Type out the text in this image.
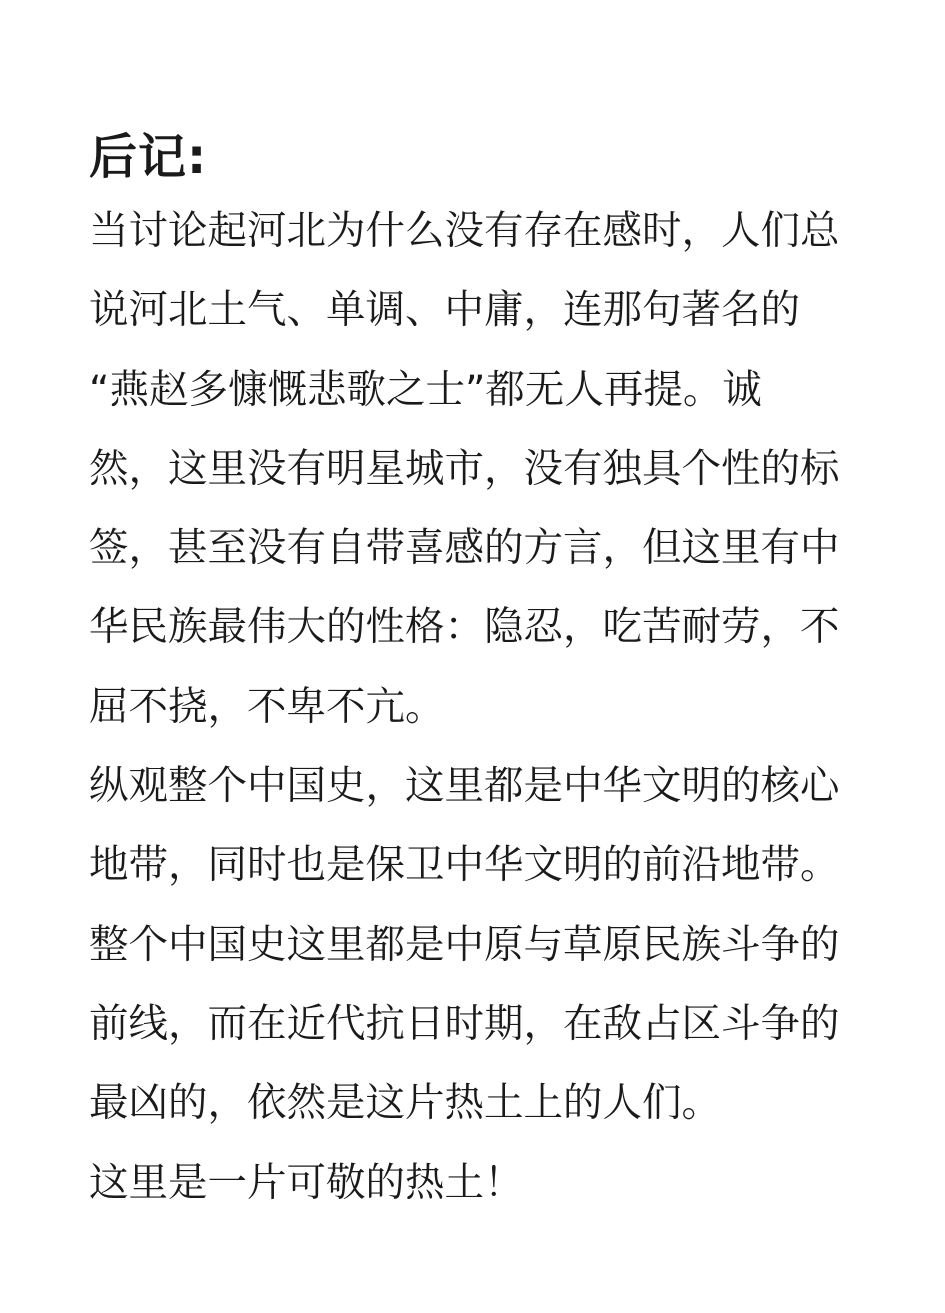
后记:
当讨论起河北为什么没有存在感时，人们总
说河北土气、单调、中庸，连那句著名的
“燕赵多慷慨悲歌之士”都无人再提。诚
然，这里没有明星城市，没有独具个性的标
签，甚至没有自带喜感的方言，但这里有中
华民族最伟大的性格：隐忍，吃苦耐劳，不
屈不挠，不卑不亢。
纵观整个中国史，这里都是中华文明的核心
地带，同时也是保卫中华文明的前沿地带。
整个中国史这里都是中原与草原民族斗争的
前线，而在近代抗日时期，在敌占区斗争的
最凶的，依然是这片热土上的人们。
这里是一片可敬的热土！
